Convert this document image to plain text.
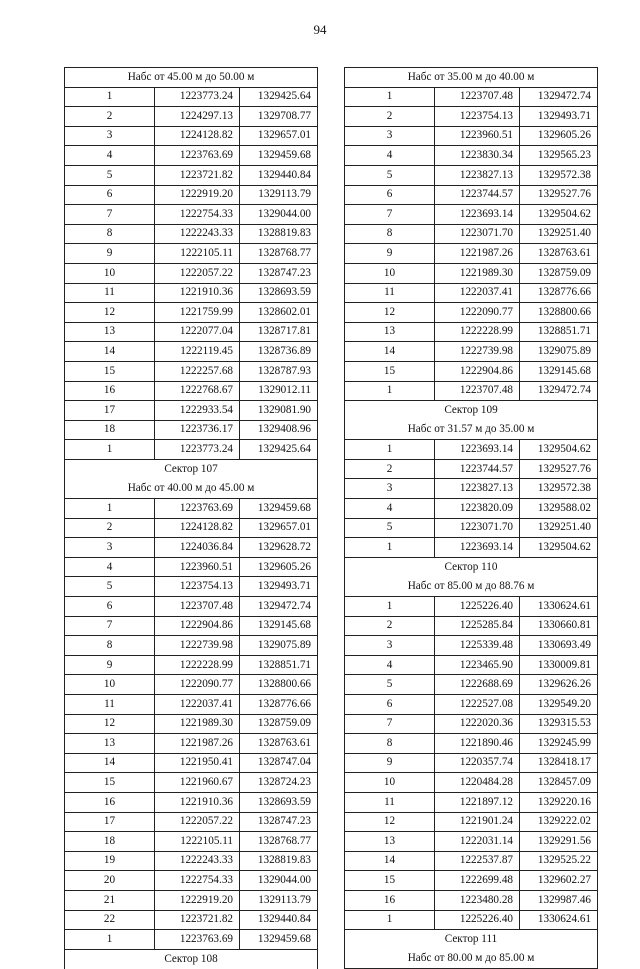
94
Набс от 45.00 м до 50.00 м		
1	1223773.24	1329425.64
2	1224297.13	1329708.77
3	1224128.82	1329657.01
4	1223763.69	1329459.68
5	1223721.82	1329440.84
6	1222919.20	1329113.79
7	1222754.33	1329044.00
8	1222243.33	1328819.83
9	1222105.11	1328768.77
10	1222057.22	1328747.23
11	1221910.36	1328693.59
12	1221759.99	1328602.01
13	1222077.04	1328717.81
14	1222119.45	1328736.89
15	1222257.68	1328787.93
16	1222768.67	1329012.11
17	1222933.54	1329081.90
18	1223736.17	1329408.96
1	1223773.24	1329425.64
Сектор 107		
Набс от 40.00 м до 45.00 м		
1	1223763.69	1329459.68
2	1224128.82	1329657.01
3	1224036.84	1329628.72
4	1223960.51	1329605.26
5	1223754.13	1329493.71
6	1223707.48	1329472.74
7	1222904.86	1329145.68
8	1222739.98	1329075.89
9	1222228.99	1328851.71
10	1222090.77	1328800.66
11	1222037.41	1328776.66
12	1221989.30	1328759.09
13	1221987.26	1328763.61
14	1221950.41	1328747.04
15	1221960.67	1328724.23
16	1221910.36	1328693.59
17	1222057.22	1328747.23
18	1222105.11	1328768.77
19	1222243.33	1328819.83
20	1222754.33	1329044.00
21	1222919.20	1329113.79
22	1223721.82	1329440.84
1	1223763.69	1329459.68
Сектор 108		
Набс от 35.00 м до 40.00 м		
1	1223707.48	1329472.74
2	1223754.13	1329493.71
3	1223960.51	1329605.26
4	1223830.34	1329565.23
5	1223827.13	1329572.38
6	1223744.57	1329527.76
7	1223693.14	1329504.62
8	1223071.70	1329251.40
9	1221987.26	1328763.61
10	1221989.30	1328759.09
11	1222037.41	1328776.66
12	1222090.77	1328800.66
13	1222228.99	1328851.71
14	1222739.98	1329075.89
15	1222904.86	1329145.68
1	1223707.48	1329472.74
Сектор 109		
Набс от 31.57 м до 35.00 м		
1	1223693.14	1329504.62
2	1223744.57	1329527.76
3	1223827.13	1329572.38
4	1223820.09	1329588.02
5	1223071.70	1329251.40
1	1223693.14	1329504.62
Сектор 110		
Набс от 85.00 м до 88.76 м		
1	1225226.40	1330624.61
2	1225285.84	1330660.81
3	1225339.48	1330693.49
4	1223465.90	1330009.81
5	1222688.69	1329626.26
6	1222527.08	1329549.20
7	1222020.36	1329315.53
8	1221890.46	1329245.99
9	1220357.74	1328418.17
10	1220484.28	1328457.09
11	1221897.12	1329220.16
12	1221901.24	1329222.02
13	1222031.14	1329291.56
14	1222537.87	1329525.22
15	1222699.48	1329602.27
16	1223480.28	1329987.46
1	1225226.40	1330624.61
Сектор 111		
Набс от 80.00 м до 85.00 м		
